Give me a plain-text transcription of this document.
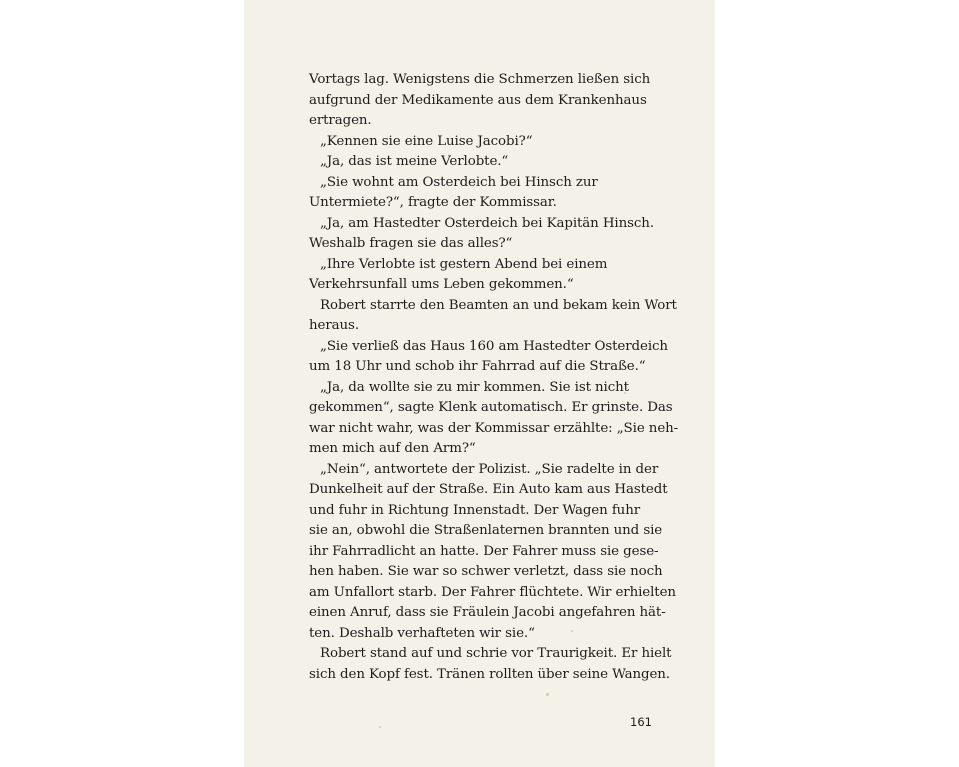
Vortags lag. Wenigstens die Schmerzen ließen sich
aufgrund der Medikamente aus dem Krankenhaus
ertragen.
„Kennen sie eine Luise Jacobi?“
„Ja, das ist meine Verlobte.“
„Sie wohnt am Osterdeich bei Hinsch zur
Untermiete?“, fragte der Kommissar.
„Ja, am Hastedter Osterdeich bei Kapitän Hinsch.
Weshalb fragen sie das alles?“
„Ihre Verlobte ist gestern Abend bei einem
Verkehrsunfall ums Leben gekommen.“
Robert starrte den Beamten an und bekam kein Wort
heraus.
„Sie verließ das Haus 160 am Hastedter Osterdeich
um 18 Uhr und schob ihr Fahrrad auf die Straße.“
„Ja, da wollte sie zu mir kommen. Sie ist nicht
gekommen“, sagte Klenk automatisch. Er grinste. Das
war nicht wahr, was der Kommissar erzählte: „Sie neh-
men mich auf den Arm?“
„Nein“, antwortete der Polizist. „Sie radelte in der
Dunkelheit auf der Straße. Ein Auto kam aus Hastedt
und fuhr in Richtung Innenstadt. Der Wagen fuhr
sie an, obwohl die Straßenlaternen brannten und sie
ihr Fahrradlicht an hatte. Der Fahrer muss sie gese-
hen haben. Sie war so schwer verletzt, dass sie noch
am Unfallort starb. Der Fahrer flüchtete. Wir erhielten
einen Anruf, dass sie Fräulein Jacobi angefahren hät-
ten. Deshalb verhafteten wir sie.“
Robert stand auf und schrie vor Traurigkeit. Er hielt
sich den Kopf fest. Tränen rollten über seine Wangen.
161
